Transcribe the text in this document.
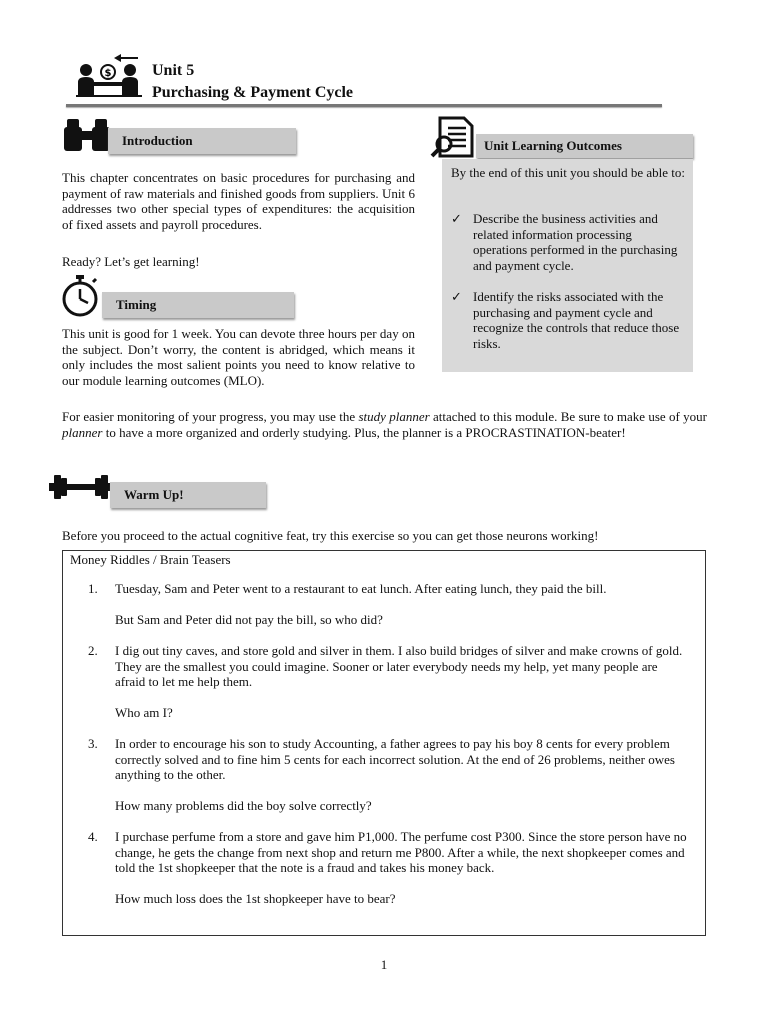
$	Unit 5
Purchasing & Payment Cycle
Introduction

This chapter concentrates on basic procedures for purchasing and payment of raw materials and finished goods from suppliers. Unit 6 addresses two other special types of expenditures: the acquisition of fixed assets and payroll procedures.

Ready? Let’s get learning!
Timing

This unit is good for 1 week. You can devote three hours per day on the subject. Don’t worry, the content is abridged, which means it only includes the most salient points you need to know relative to our module learning outcomes (MLO).

Unit Learning Outcomes
By the end of this unit you should be able to:
✓ Describe the business activities and related information processing operations performed in the purchasing and payment cycle.
✓ Identify the risks associated with the purchasing and payment cycle and recognize the controls that reduce those risks.
For easier monitoring of your progress, you may use the study planner attached to this module. Be sure to make use of your planner to have a more organized and orderly studying. Plus, the planner is a PROCRASTINATION-beater!
Warm Up!
Before you proceed to the actual cognitive feat, try this exercise so you can get those neurons working!
Money Riddles / Brain Teasers
1. Tuesday, Sam and Peter went to a restaurant to eat lunch. After eating lunch, they paid the bill.
But Sam and Peter did not pay the bill, so who did?
2. I dig out tiny caves, and store gold and silver in them. I also build bridges of silver and make crowns of gold. They are the smallest you could imagine. Sooner or later everybody needs my help, yet many people are afraid to let me help them.
Who am I?
3. In order to encourage his son to study Accounting, a father agrees to pay his boy 8 cents for every problem correctly solved and to fine him 5 cents for each incorrect solution. At the end of 26 problems, neither owes anything to the other.
How many problems did the boy solve correctly?
4. I purchase perfume from a store and gave him P1,000. The perfume cost P300. Since the store person have no change, he gets the change from next shop and return me P800. After a while, the next shopkeeper comes and told the 1st shopkeeper that the note is a fraud and takes his money back.
How much loss does the 1st shopkeeper have to bear?
1
